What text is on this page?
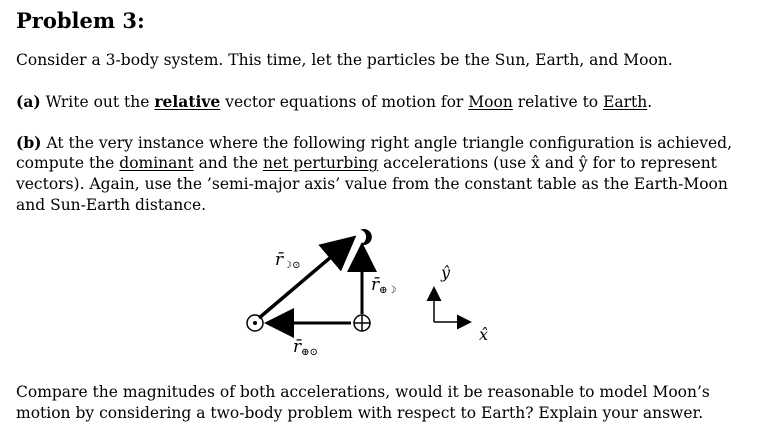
Problem 3:
Consider a 3-body system. This time, let the particles be the Sun, Earth, and Moon.
(a) Write out the relative vector equations of motion for Moon relative to Earth.
(b) At the very instance where the following right angle triangle configuration is achieved,
compute the dominant and the net perturbing accelerations (use x̂ and ŷ for to represent
vectors). Again, use the ’semi-major axis’ value from the constant table as the Earth-Moon
and Sun-Earth distance.
r̄☽⊙
r̄⊕☽
r̄⊕⊙
ŷ
x̂
Compare the magnitudes of both accelerations, would it be reasonable to model Moon’s
motion by considering a two-body problem with respect to Earth? Explain your answer.
